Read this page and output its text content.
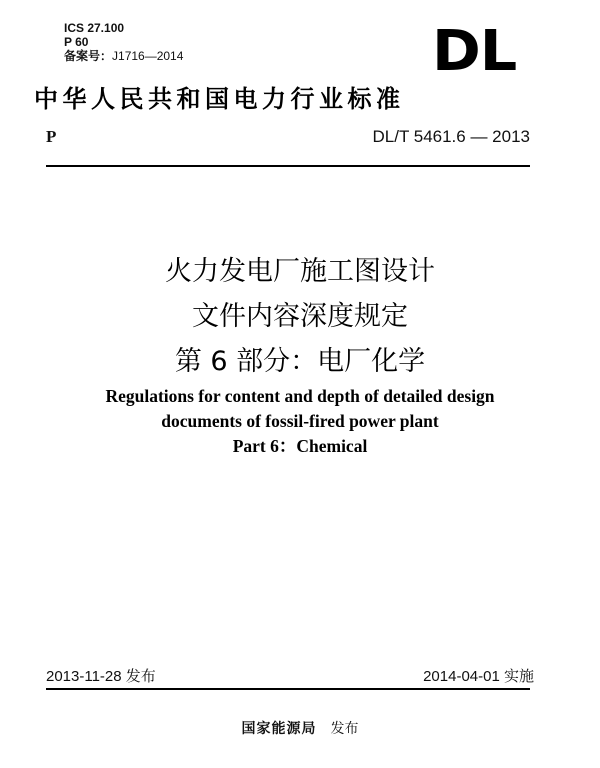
ICS 27.100
P 60
备案号：J1716—2014	DL
中华人民共和国电力行业标准
P	DL/T 5461.6 — 2013
火力发电厂施工图设计
文件内容深度规定
第 6 部分：电厂化学
Regulations for content and depth of detailed design
documents of fossil-fired power plant
Part 6：Chemical
2013-11-28 发布	2014-04-01 实施
国家能源局 发布
